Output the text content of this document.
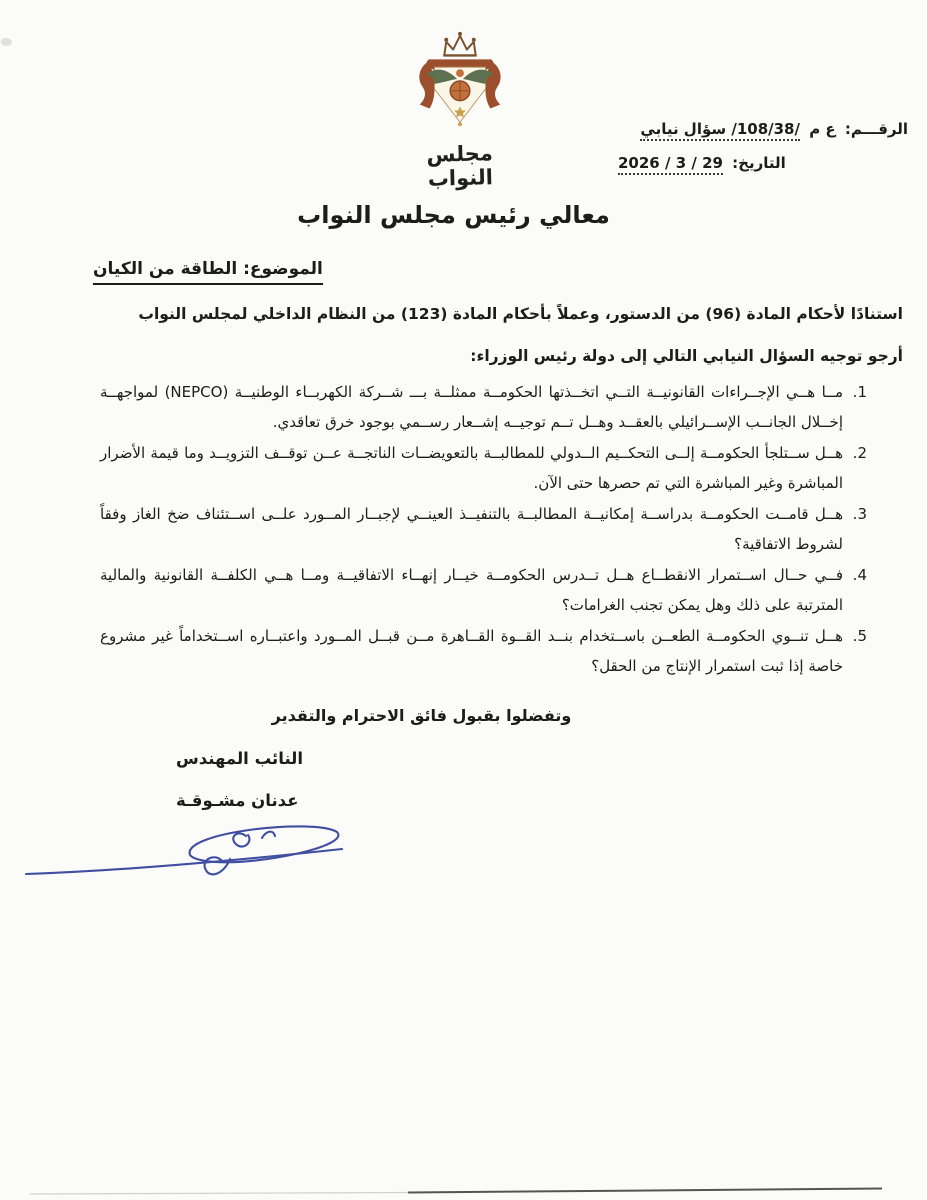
مجلس النواب
الرقـــم: ع م /108/38/ سؤال نيابي
التاريخ: 29 / 3 / 2026
معالي رئيس مجلس النواب
الموضوع: الطاقة من الكيان
استنادًا لأحكام المادة (96) من الدستور، وعملاً بأحكام المادة (123) من النظام الداخلي لمجلس النواب
أرجو توجيه السؤال النيابي التالي إلى دولة رئيس الوزراء:
1.
مــا هــي الإجــراءات القانونيــة التــي اتخــذتها الحكومــة ممثلــة بـــ شــركة الكهربــاء الوطنيــة (NEPCO) لمواجهــة إخــلال الجانــب الإســرائيلي بالعقــد وهــل تــم توجيــه إشــعار رســمي بوجود خرق تعاقدي.
2.
هــل ســتلجأ الحكومــة إلــى التحكــيم الــدولي للمطالبــة بالتعويضــات الناتجــة عــن توقــف التزويــد وما قيمة الأضرار المباشرة وغير المباشرة التي تم حصرها حتى الآن.
3.
هــل قامــت الحكومــة بدراســة إمكانيــة المطالبــة بالتنفيــذ العينــي لإجبــار المــورد علــى اســتئناف ضخ الغاز وفقاً لشروط الاتفاقية؟
4.
فــي حــال اســتمرار الانقطــاع هــل تــدرس الحكومــة خيــار إنهــاء الاتفاقيــة ومــا هــي الكلفــة القانونية والمالية المترتبة على ذلك وهل يمكن تجنب الغرامات؟
5.
هــل تنــوي الحكومــة الطعــن باســتخدام بنــد القــوة القــاهرة مــن قبــل المــورد واعتبــاره اســتخداماً غير مشروع خاصة إذا ثبت استمرار الإنتاج من الحقل؟
وتفضلوا بقبول فائق الاحترام والتقدير
النائب المهندس
عدنان مشـوقـة
